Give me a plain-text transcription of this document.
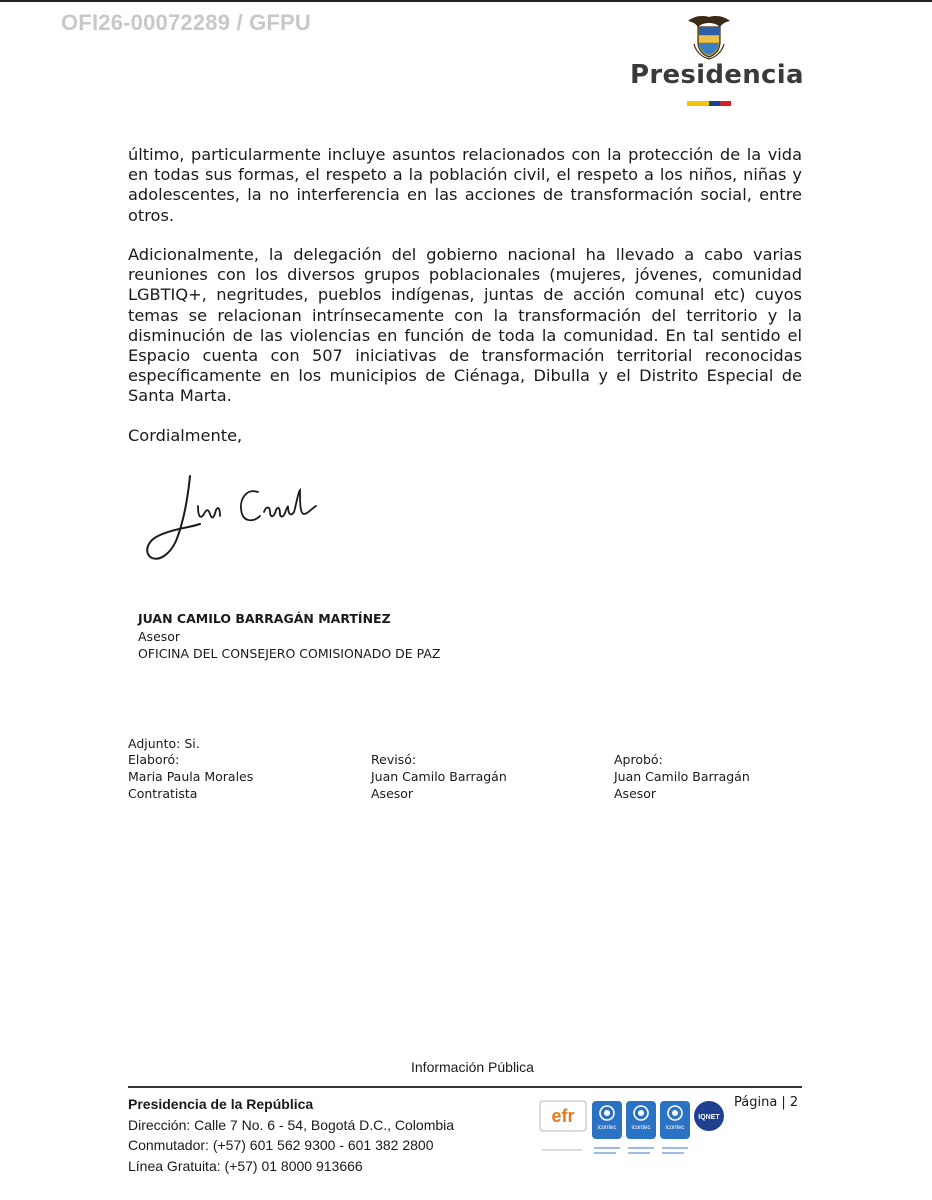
OFI26-00072289 / GFPU
Presidencia

último, particularmente incluye asuntos relacionados con la protección de la vida en todas sus formas, el respeto a la población civil, el respeto a los niños, niñas y adolescentes, la no interferencia en las acciones de transformación social, entre otros.

Adicionalmente, la delegación del gobierno nacional ha llevado a cabo varias reuniones con los diversos grupos poblacionales (mujeres, jóvenes, comunidad LGBTIQ+, negritudes, pueblos indígenas, juntas de acción comunal etc) cuyos temas se relacionan intrínsecamente con la transformación del territorio y la disminución de las violencias en función de toda la comunidad. En tal sentido el Espacio cuenta con 507 iniciativas de transformación territorial reconocidas específicamente en los municipios de Ciénaga, Dibulla y el Distrito Especial de Santa Marta.

Cordialmente,

JUAN CAMILO BARRAGÁN MARTÍNEZ
Asesor
OFICINA DEL CONSEJERO COMISIONADO DE PAZ
Adjunto: Si.
Elaboró:
Maria Paula Morales
Contratista
Revisó:
Juan Camilo Barragán
Asesor
Aprobó:
Juan Camilo Barragán
Asesor
Información Pública
Presidencia de la República
Dirección: Calle 7 No. 6 - 54, Bogotá D.C., Colombia
Conmutador: (+57) 601 562 9300 - 601 382 2800
Línea Gratuita: (+57) 01 8000 913666
efr
icontec icontec icontec
IQNET
Página | 2
